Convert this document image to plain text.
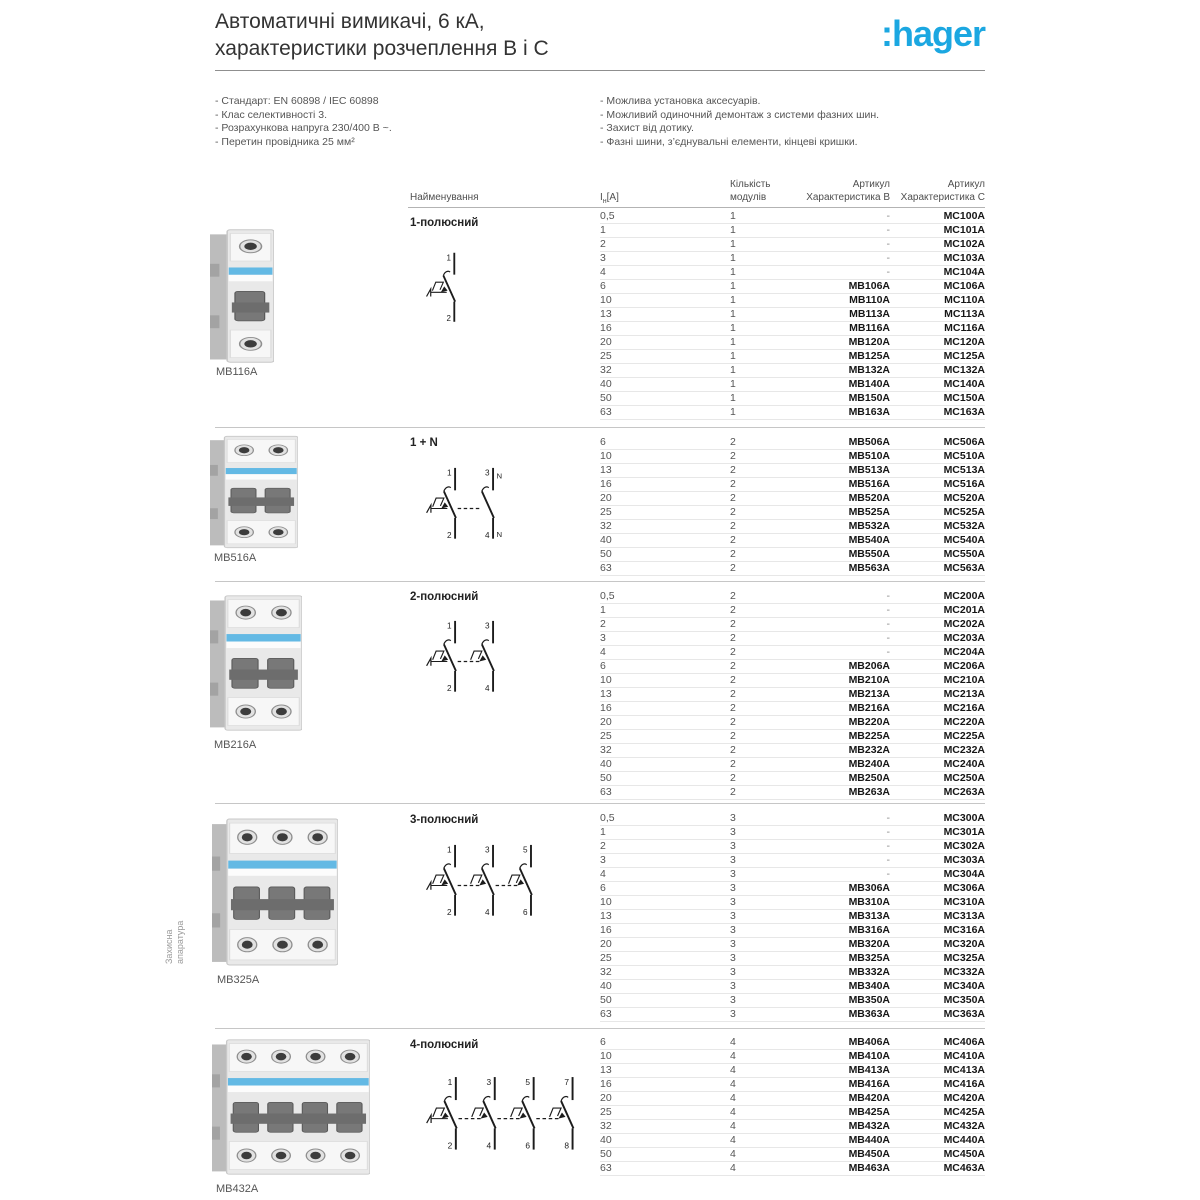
Захисна
апаратура
Автоматичні вимикачі, 6 кА,
характеристики розчеплення B і C	:hager
- Стандарт: EN 60898 / IEC 60898
- Клас селективності 3.
- Розрахункова напруга 230/400 В ~.
- Перетин провідника 25 мм²
- Можлива установка аксесуарів.
- Можливий одиночний демонтаж з системи фазних шин.
- Захист від дотику.
- Фазні шини, з’єднувальні елементи, кінцеві кришки.
Найменування	$I_н[A]$
Кількість
модулів
Артикул
Характеристика B
Артикул
Характеристика C
1-полюсний
MB116A
1
2
0,5	1	-	MC100A
1	1	-	MC101A
2	1	-	MC102A
3	1	-	MC103A
4	1	-	MC104A
6	1	MB106A	MC106A
10	1	MB110A	MC110A
13	1	MB113A	MC113A
16	1	MB116A	MC116A
20	1	MB120A	MC120A
25	1	MB125A	MC125A
32	1	MB132A	MC132A
40	1	MB140A	MC140A
50	1	MB150A	MC150A
63	1	MB163A	MC163A
1 + N
MB516A
1
2
3
4
N
N
6	2	MB506A	MC506A
10	2	MB510A	MC510A
13	2	MB513A	MC513A
16	2	MB516A	MC516A
20	2	MB520A	MC520A
25	2	MB525A	MC525A
32	2	MB532A	MC532A
40	2	MB540A	MC540A
50	2	MB550A	MC550A
63	2	MB563A	MC563A
2-полюсний
MB216A
1
2
3
4
0,5	2	-	MC200A
1	2	-	MC201A
2	2	-	MC202A
3	2	-	MC203A
4	2	-	MC204A
6	2	MB206A	MC206A
10	2	MB210A	MC210A
13	2	MB213A	MC213A
16	2	MB216A	MC216A
20	2	MB220A	MC220A
25	2	MB225A	MC225A
32	2	MB232A	MC232A
40	2	MB240A	MC240A
50	2	MB250A	MC250A
63	2	MB263A	MC263A
3-полюсний
MB325A
1
2
3
4
5
6
0,5	3	-	MC300A
1	3	-	MC301A
2	3	-	MC302A
3	3	-	MC303A
4	3	-	MC304A
6	3	MB306A	MC306A
10	3	MB310A	MC310A
13	3	MB313A	MC313A
16	3	MB316A	MC316A
20	3	MB320A	MC320A
25	3	MB325A	MC325A
32	3	MB332A	MC332A
40	3	MB340A	MC340A
50	3	MB350A	MC350A
63	3	MB363A	MC363A
4-полюсний
MB432A
1
2
3
4
5
6
7
8
6	4	MB406A	MC406A
10	4	MB410A	MC410A
13	4	MB413A	MC413A
16	4	MB416A	MC416A
20	4	MB420A	MC420A
25	4	MB425A	MC425A
32	4	MB432A	MC432A
40	4	MB440A	MC440A
50	4	MB450A	MC450A
63	4	MB463A	MC463A
